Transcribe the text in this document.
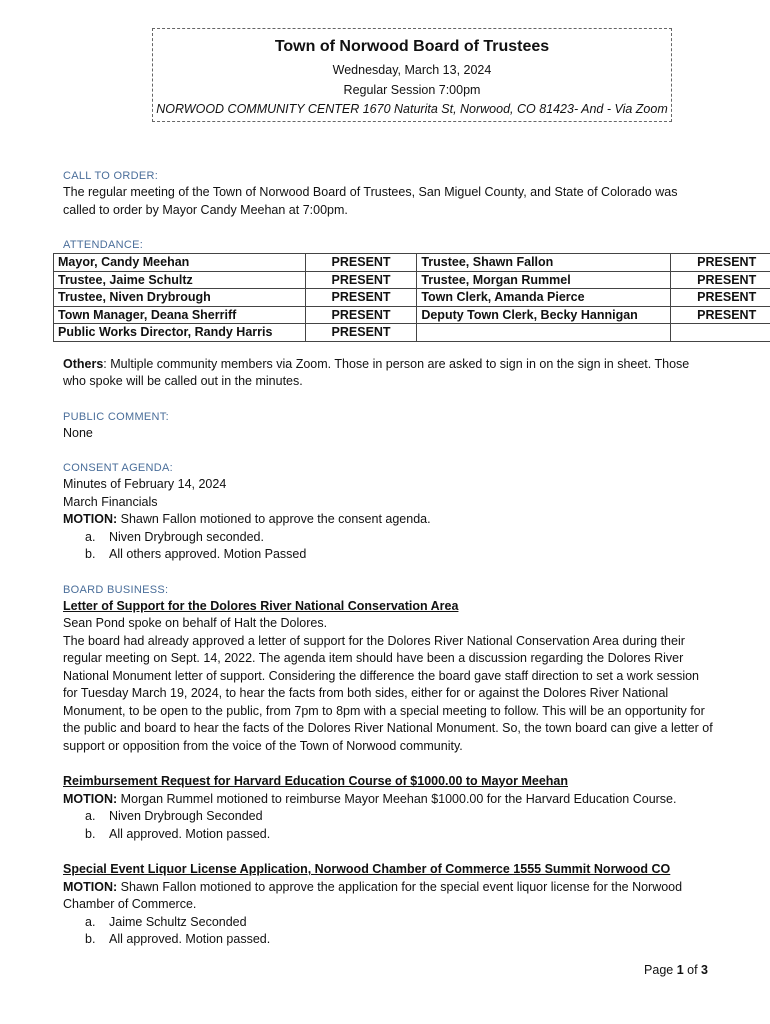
Town of Norwood Board of Trustees
Wednesday, March 13, 2024
Regular Session 7:00pm
NORWOOD COMMUNITY CENTER 1670 Naturita St, Norwood, CO 81423- And - Via Zoom
CALL TO ORDER:

The regular meeting of the Town of Norwood Board of Trustees, San Miguel County, and State of Colorado was called to order by Mayor Candy Meehan at 7:00pm.

ATTENDANCE:
Mayor, Candy Meehan	PRESENT	Trustee, Shawn Fallon	PRESENT
Trustee, Jaime Schultz	PRESENT	Trustee, Morgan Rummel	PRESENT
Trustee, Niven Drybrough	PRESENT	Town Clerk, Amanda Pierce	PRESENT
Town Manager, Deana Sherriff	PRESENT	Deputy Town Clerk, Becky Hannigan	PRESENT
Public Works Director, Randy Harris	PRESENT		

Others: Multiple community members via Zoom. Those in person are asked to sign in on the sign in sheet. Those who spoke will be called out in the minutes.

PUBLIC COMMENT:

None

CONSENT AGENDA:

Minutes of February 14, 2024

March Financials

MOTION: Shawn Fallon motioned to approve the consent agenda.

a. Niven Drybrough seconded.
b. All others approved. Motion Passed
BOARD BUSINESS:

Letter of Support for the Dolores River National Conservation Area

Sean Pond spoke on behalf of Halt the Dolores.

The board had already approved a letter of support for the Dolores River National Conservation Area during their regular meeting on Sept. 14, 2022. The agenda item should have been a discussion regarding the Dolores River National Monument letter of support. Considering the difference the board gave staff direction to set a work session for Tuesday March 19, 2024, to hear the facts from both sides, either for or against the Dolores River National Monument, to be open to the public, from 7pm to 8pm with a special meeting to follow. This will be an opportunity for the public and board to hear the facts of the Dolores River National Monument. So, the town board can give a letter of support or opposition from the voice of the Town of Norwood community.

Reimbursement Request for Harvard Education Course of $1000.00 to Mayor Meehan

MOTION: Morgan Rummel motioned to reimburse Mayor Meehan $1000.00 for the Harvard Education Course.

a. Niven Drybrough Seconded
b. All approved. Motion passed.

Special Event Liquor License Application, Norwood Chamber of Commerce 1555 Summit Norwood CO

MOTION: Shawn Fallon motioned to approve the application for the special event liquor license for the Norwood Chamber of Commerce.

a. Jaime Schultz Seconded
b. All approved. Motion passed.
Page 1 of 3
